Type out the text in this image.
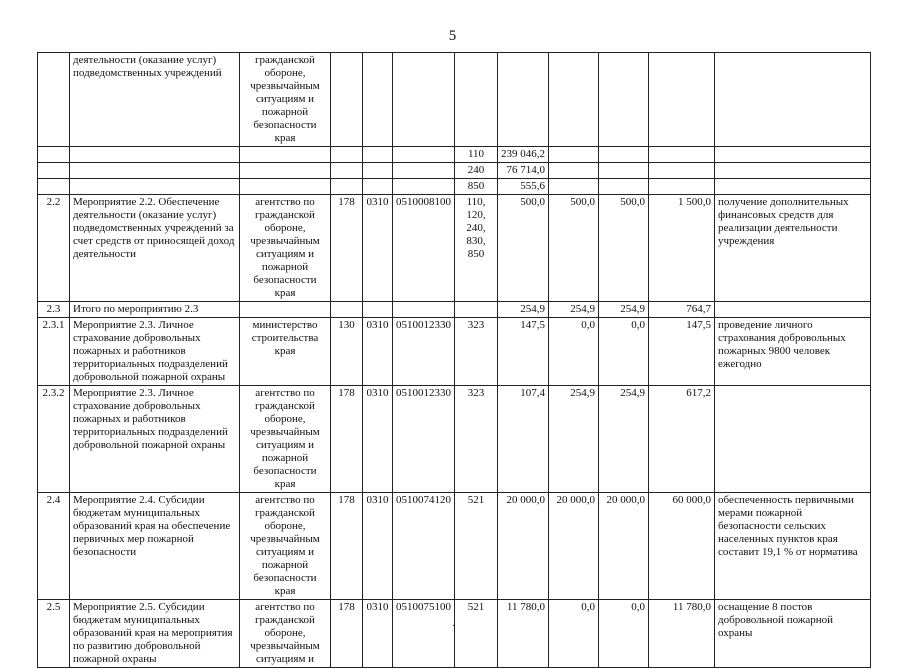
5
	деятельности (оказание услуг) подведомственных учреждений	гражданской обороне, чрезвычайным ситуациям и пожарной безопасности края									
						110	239 046,2				
						240	76 714,0				
						850	555,6				
2.2	Мероприятие 2.2. Обеспечение деятельности (оказание услуг) подведомственных учреждений за счет средств от приносящей доход деятельности	агентство по гражданской обороне, чрезвычайным ситуациям и пожарной безопасности края	178	0310	0510008100	110, 120, 240, 830, 850	500,0	500,0	500,0	1 500,0	получение дополнительных финансовых средств для реализации деятельности учреждения
2.3	Итого по мероприятию 2.3						254,9	254,9	254,9	764,7	
2.3.1	Мероприятие 2.3. Личное страхование добровольных пожарных и работников территориальных подразделений добровольной пожарной охраны	министерство строительства края	130	0310	0510012330	323	147,5	0,0	0,0	147,5	проведение личного страхования добровольных пожарных 9800 человек ежегодно
2.3.2	Мероприятие 2.3. Личное страхование добровольных пожарных и работников территориальных подразделений добровольной пожарной охраны	агентство по гражданской обороне, чрезвычайным ситуациям и пожарной безопасности края	178	0310	0510012330	323	107,4	254,9	254,9	617,2	
2.4	Мероприятие 2.4. Субсидии бюджетам муниципальных образований края на обеспечение первичных мер пожарной безопасности	агентство по гражданской обороне, чрезвычайным ситуациям и пожарной безопасности края	178	0310	0510074120	521	20 000,0	20 000,0	20 000,0	60 000,0	обеспеченность первичными мерами пожарной безопасности сельских населенных пунктов края составит 19,1 % от норматива
2.5	Мероприятие 2.5. Субсидии бюджетам муниципальных образований края на мероприятия по развитию добровольной пожарной охраны	агентство по гражданской обороне, чрезвычайным ситуациям и	178	0310	0510075100	521	11 780,0	0,0	0,0	11 780,0	оснащение 8 постов добровольной пожарной охраны
·
